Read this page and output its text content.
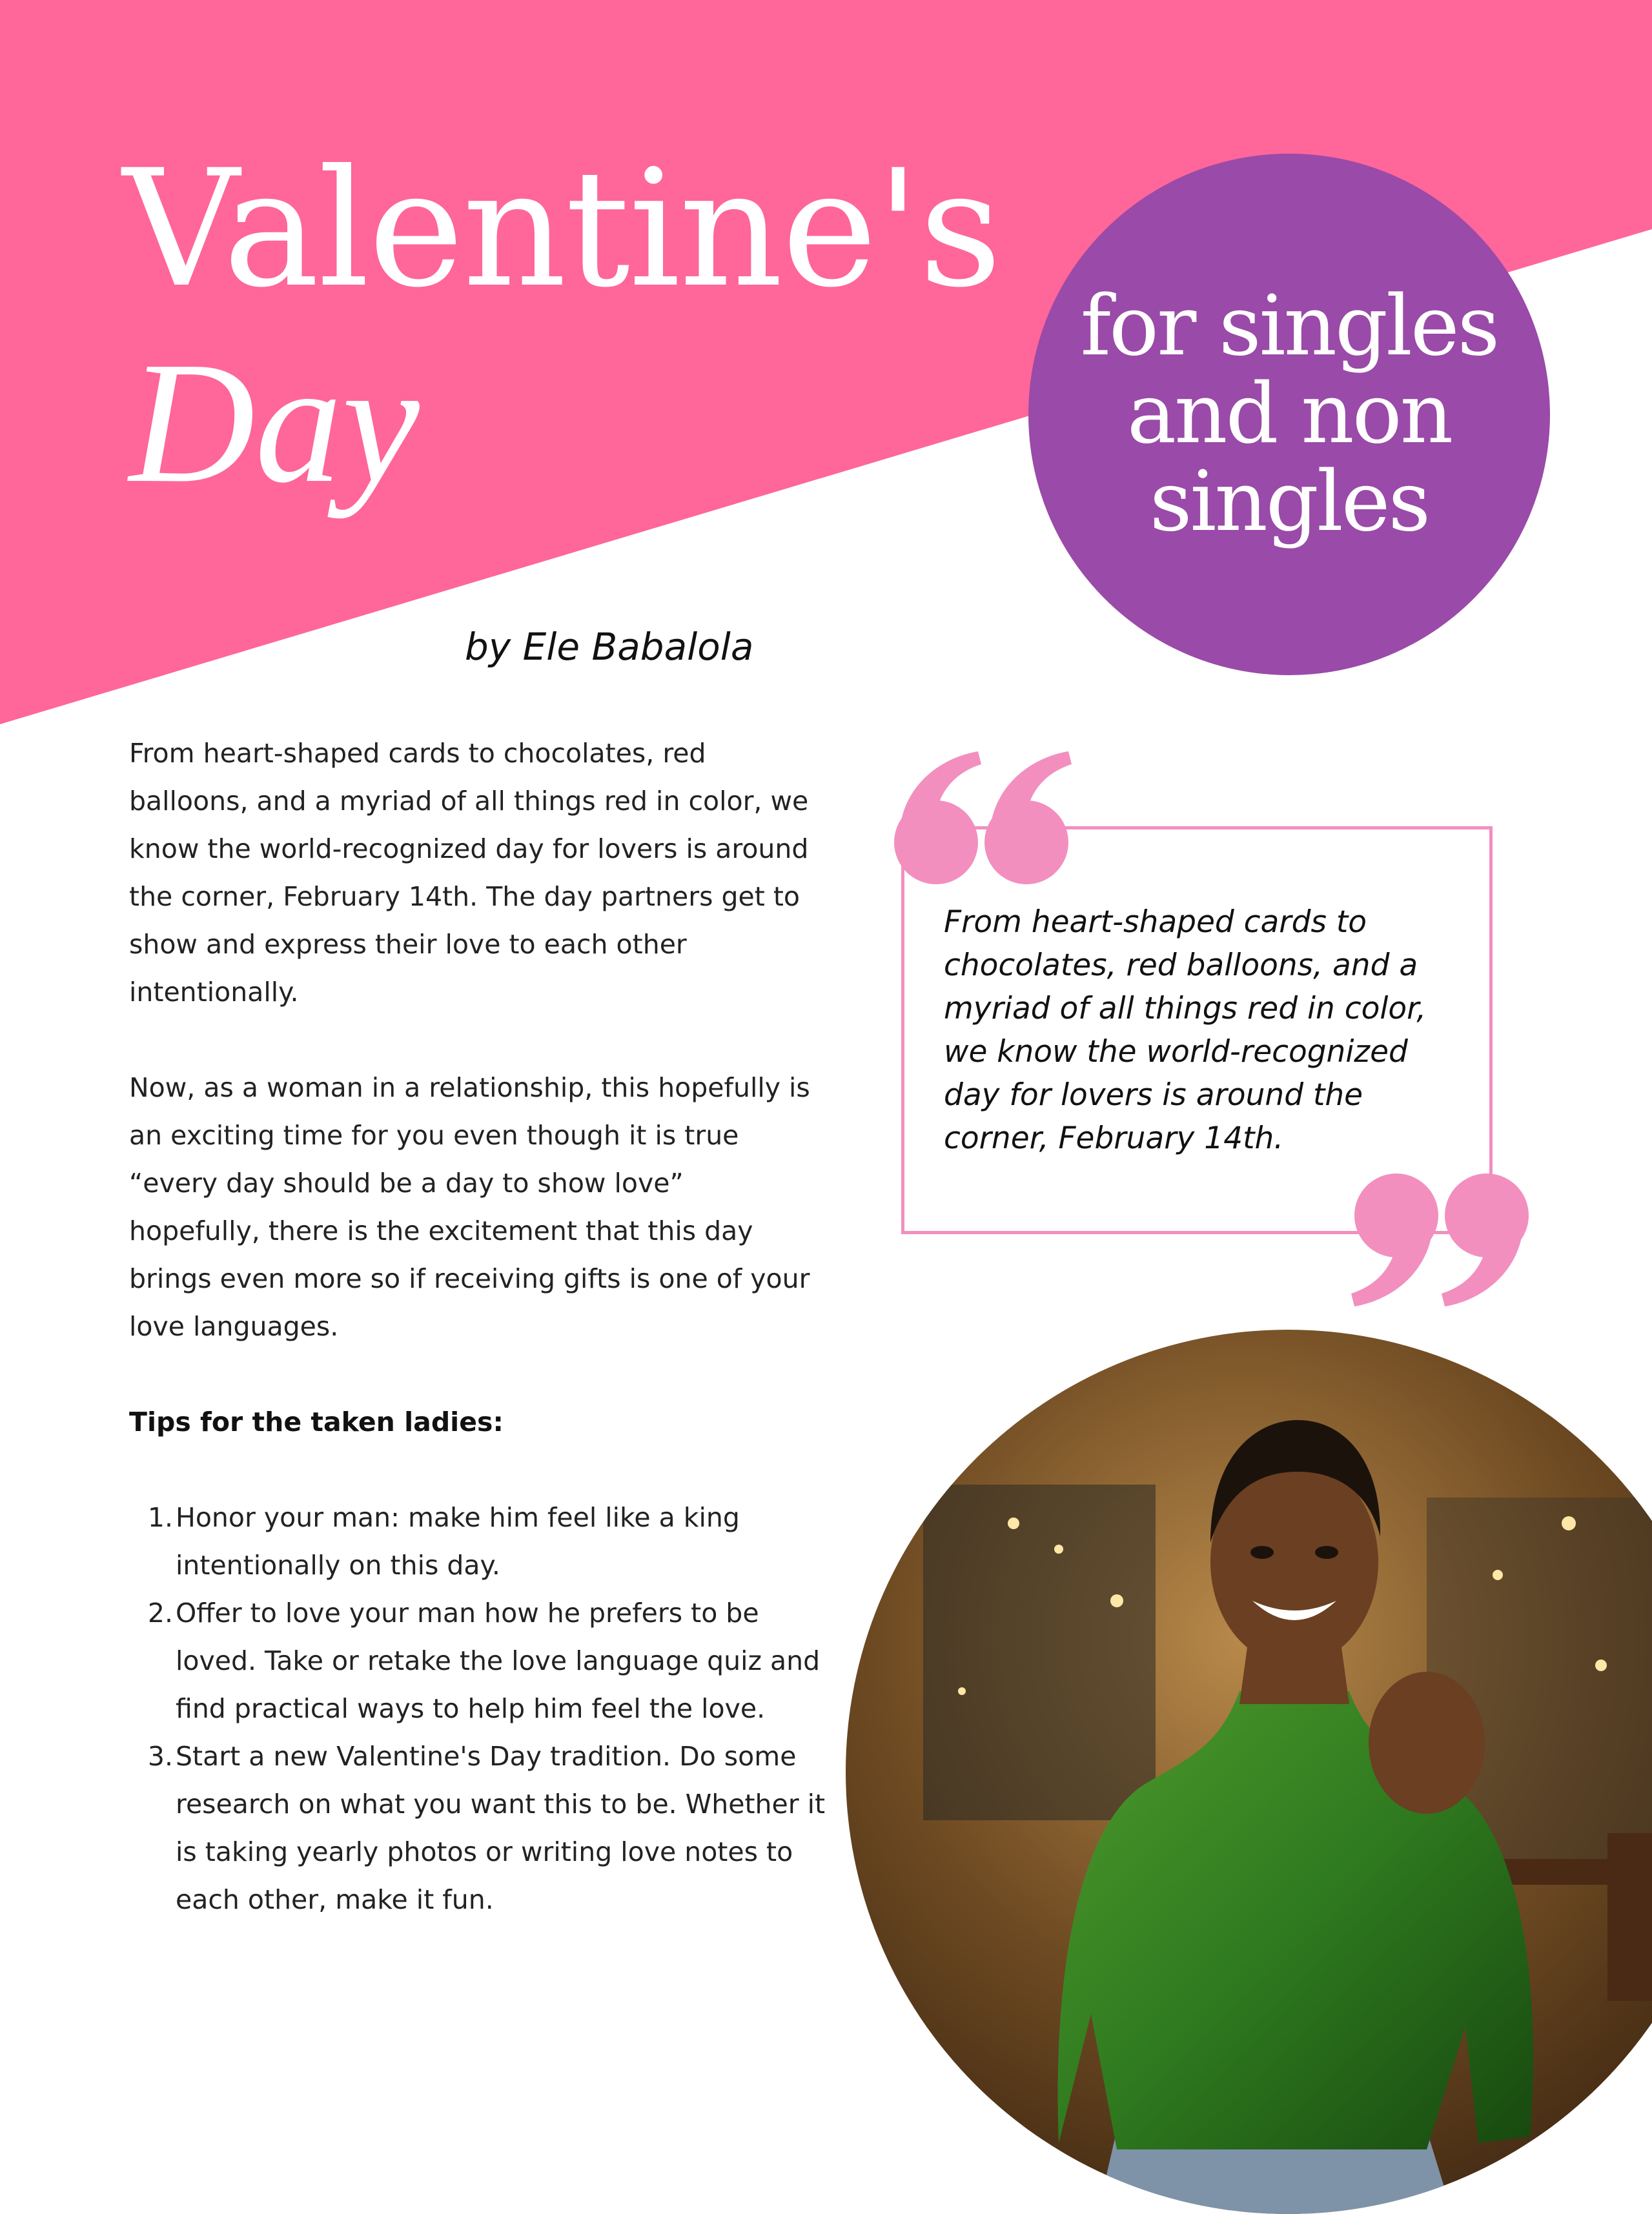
Valentine's
Day	for singles
and non
singles
by Ele Babalola

From heart-shaped cards to chocolates, red balloons, and a myriad of all things red in color, we know the world-recognized day for lovers is around the corner, February 14th. The day partners get to show and express their love to each other intentionally.

Now, as a woman in a relationship, this hopefully is an exciting time for you even though it is true “every day should be a day to show love” hopefully, there is the excitement that this day brings even more so if receiving gifts is one of your love languages.

Tips for the taken ladies:

1. Honor your man: make him feel like a king intentionally on this day.
2. Offer to love your man how he prefers to be loved. Take or retake the love language quiz and find practical ways to help him feel the love.
3. Start a new Valentine's Day tradition. Do some research on what you want this to be. Whether it is taking yearly photos or writing love notes to each other, make it fun.

From heart-shaped cards to chocolates, red balloons, and a myriad of all things red in color, we know the world-recognized day for lovers is around the corner, February 14th.
